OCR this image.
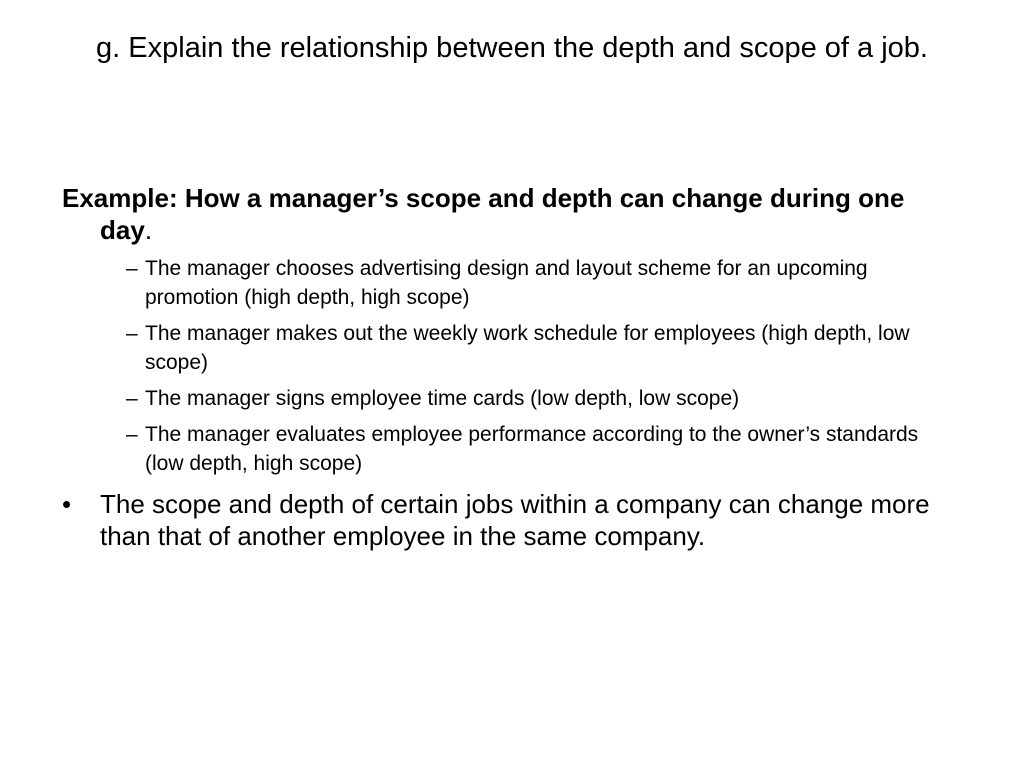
g. Explain the relationship between the depth and scope of a job.

Example: How a manager’s scope and depth can change during one day.

– The manager chooses advertising design and layout scheme for an upcoming promotion (high depth, high scope)
– The manager makes out the weekly work schedule for employees (high depth, low scope)
– The manager signs employee time cards (low depth, low scope)
– The manager evaluates employee performance according to the owner’s standards (low depth, high scope)

• The scope and depth of certain jobs within a company can change more than that of another employee in the same company.
